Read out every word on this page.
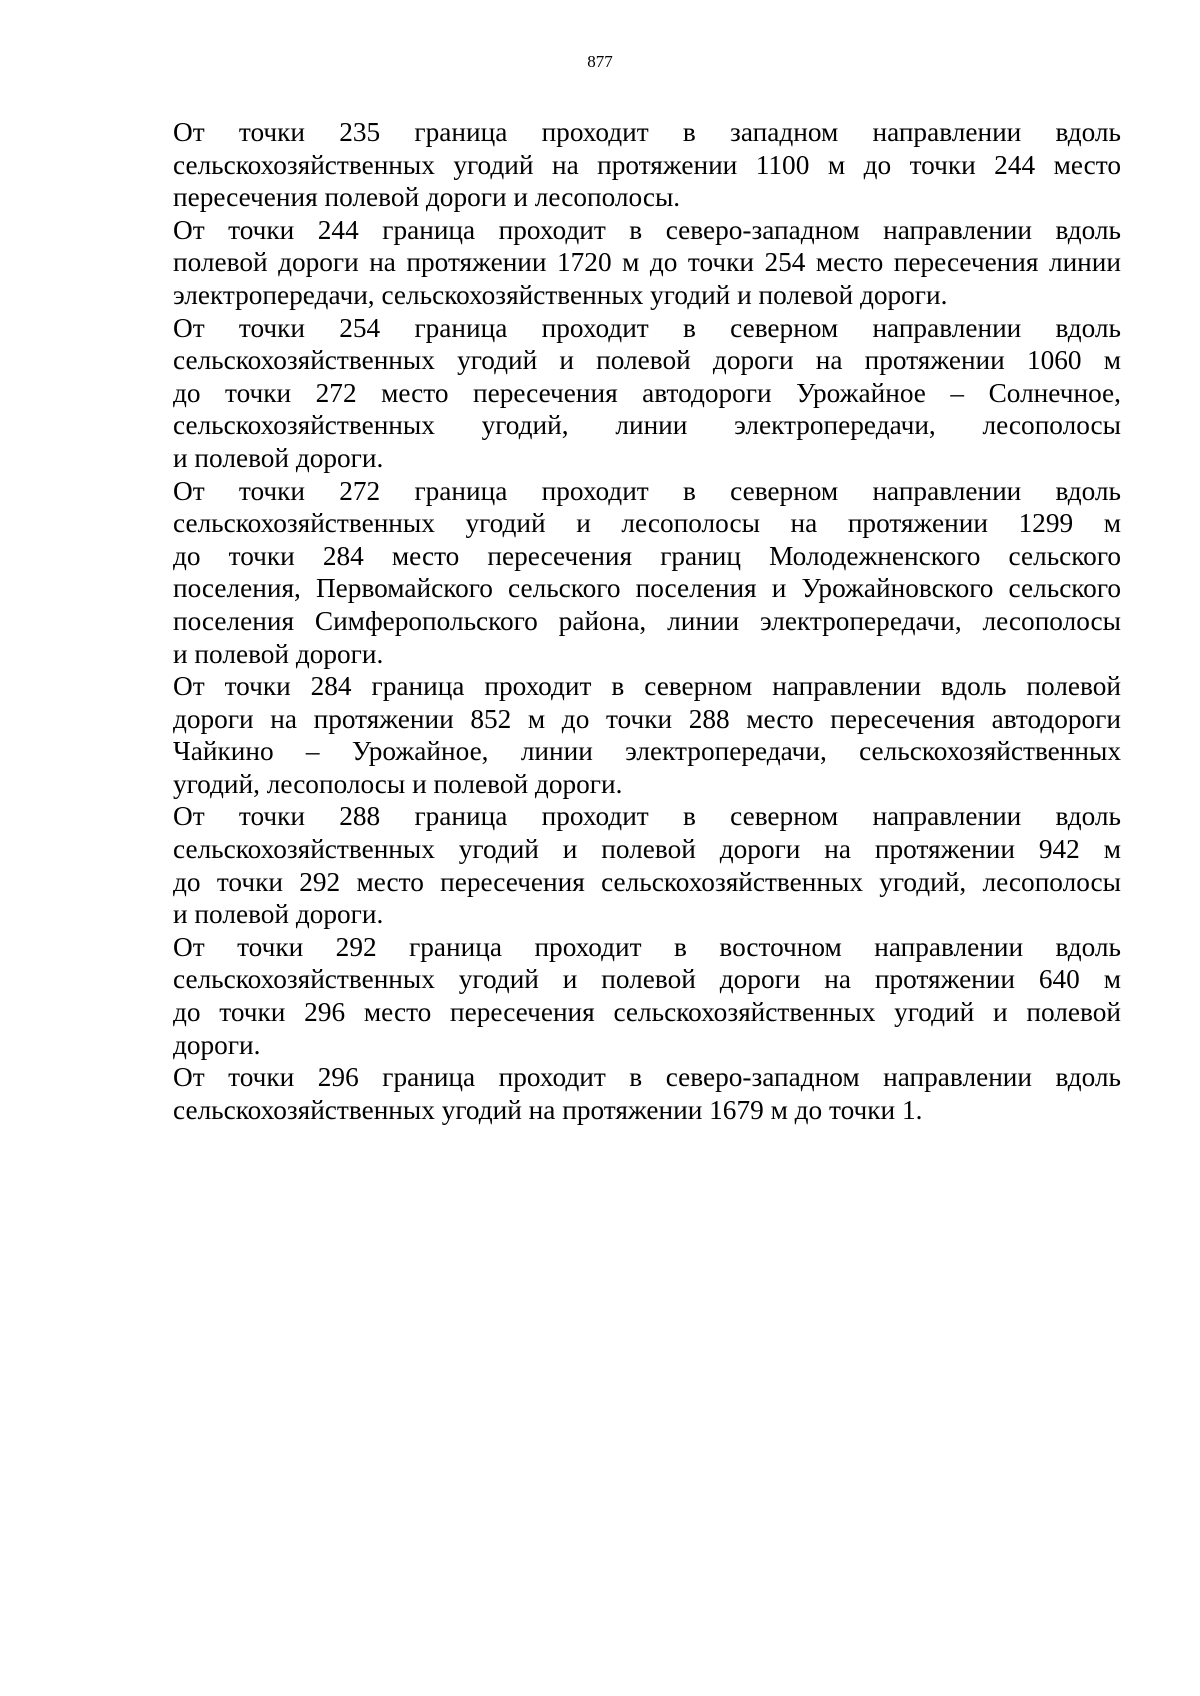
877

От точки 235 граница проходит в западном направлении вдоль
сельскохозяйственных угодий на протяжении 1100 м до точки 244 место
пересечения полевой дороги и лесополосы.

От точки 244 граница проходит в северо-западном направлении вдоль
полевой дороги на протяжении 1720 м до точки 254 место пересечения линии
электропередачи, сельскохозяйственных угодий и полевой дороги.

От точки 254 граница проходит в северном направлении вдоль
сельскохозяйственных угодий и полевой дороги на протяжении 1060 м
до точки 272 место пересечения автодороги Урожайное – Солнечное,
сельскохозяйственных угодий, линии электропередачи, лесополосы
и полевой дороги.

От точки 272 граница проходит в северном направлении вдоль
сельскохозяйственных угодий и лесополосы на протяжении 1299 м
до точки 284 место пересечения границ Молодежненского сельского
поселения, Первомайского сельского поселения и Урожайновского сельского
поселения Симферопольского района, линии электропередачи, лесополосы
и полевой дороги.

От точки 284 граница проходит в северном направлении вдоль полевой
дороги на протяжении 852 м до точки 288 место пересечения автодороги
Чайкино – Урожайное, линии электропередачи, сельскохозяйственных
угодий, лесополосы и полевой дороги.

От точки 288 граница проходит в северном направлении вдоль
сельскохозяйственных угодий и полевой дороги на протяжении 942 м
до точки 292 место пересечения сельскохозяйственных угодий, лесополосы
и полевой дороги.

От точки 292 граница проходит в восточном направлении вдоль
сельскохозяйственных угодий и полевой дороги на протяжении 640 м
до точки 296 место пересечения сельскохозяйственных угодий и полевой
дороги.

От точки 296 граница проходит в северо-западном направлении вдоль
сельскохозяйственных угодий на протяжении 1679 м до точки 1.
